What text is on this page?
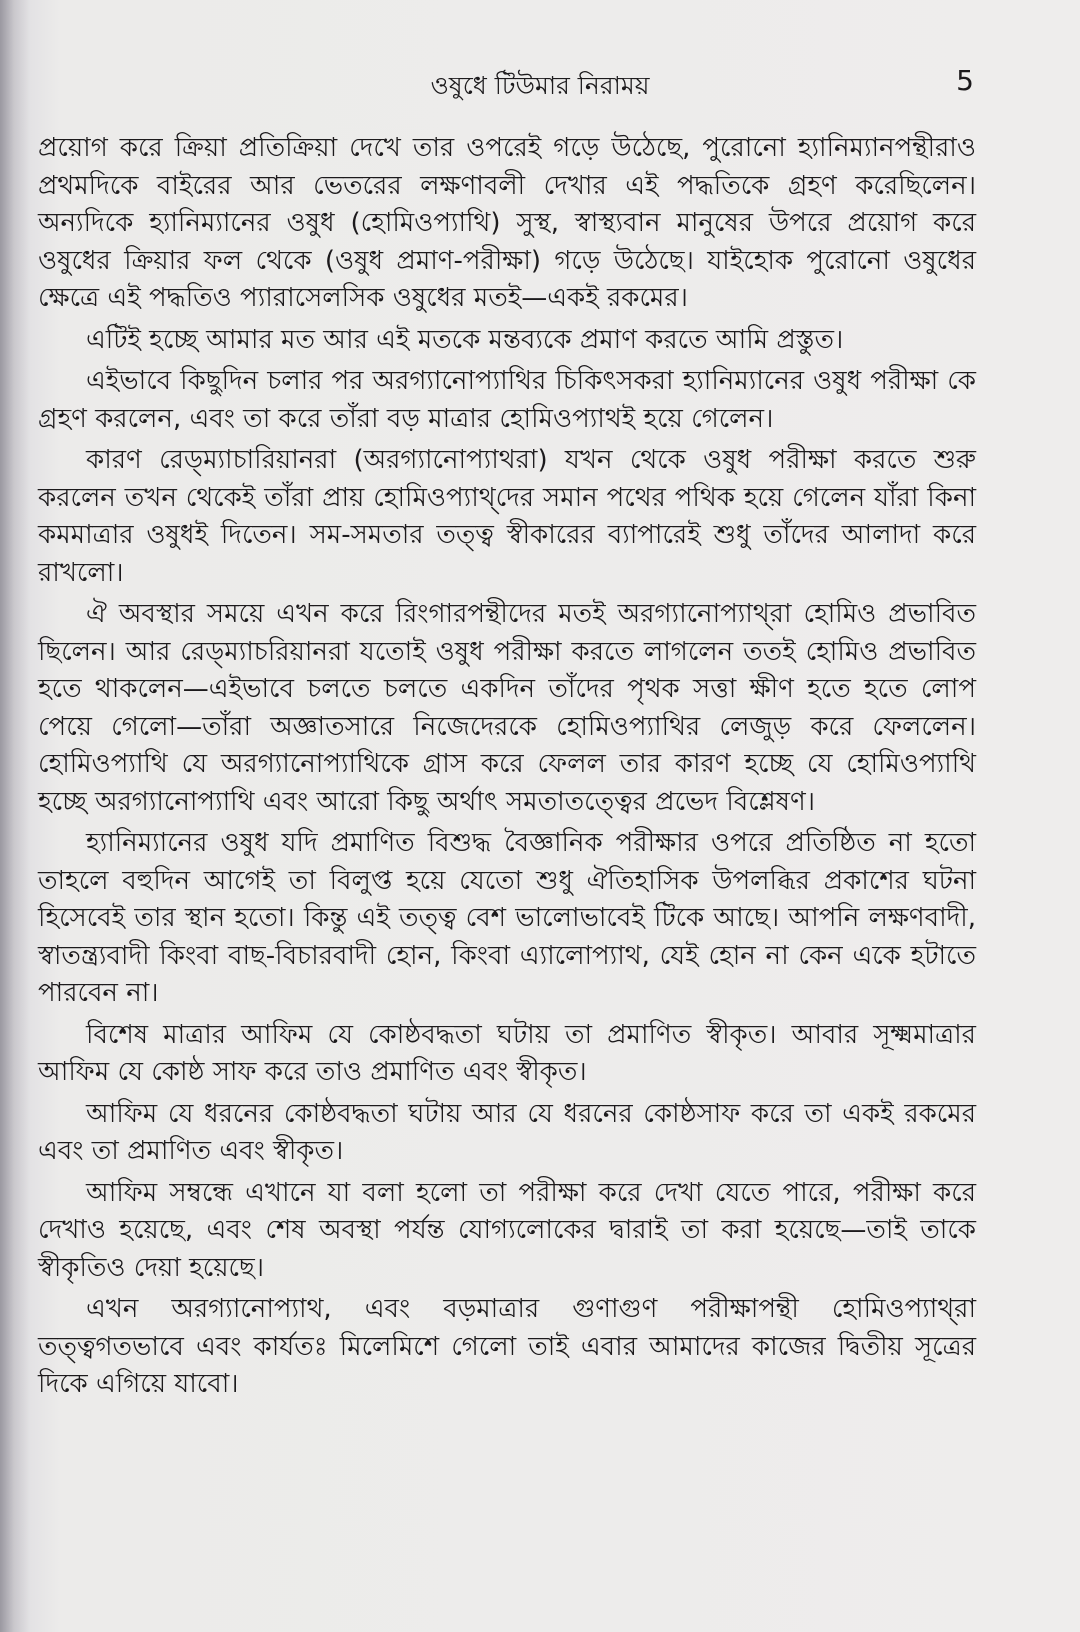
ওষুধে টিউমার নিরাময়	5

প্রয়োগ করে ক্রিয়া প্রতিক্রিয়া দেখে তার ওপরেই গড়ে উঠেছে, পুরোনো হ্যানিম্যানপন্থীরাও প্রথমদিকে বাইরের আর ভেতরের লক্ষণাবলী দেখার এই পদ্ধতিকে গ্রহণ করেছিলেন। অন্যদিকে হ্যানিম্যানের ওষুধ (হোমিওপ্যাথি) সুস্থ, স্বাস্থ্যবান মানুষের উপরে প্রয়োগ করে ওষুধের ক্রিয়ার ফল থেকে (ওষুধ প্রমাণ-পরীক্ষা) গড়ে উঠেছে। যাইহোক পুরোনো ওষুধের ক্ষেত্রে এই পদ্ধতিও প্যারাসেলসিক ওষুধের মতই—একই রকমের।

এটিই হচ্ছে আমার মত আর এই মতকে মন্তব্যকে প্রমাণ করতে আমি প্রস্তুত।

এইভাবে কিছুদিন চলার পর অরগ্যানোপ্যাথির চিকিৎসকরা হ্যানিম্যানের ওষুধ পরীক্ষা কে গ্রহণ করলেন, এবং তা করে তাঁরা বড় মাত্রার হোমিওপ্যাথই হয়ে গেলেন।

কারণ রেড্‌ম্যাচারিয়ানরা (অরগ্যানোপ্যাথরা) যখন থেকে ওষুধ পরীক্ষা করতে শুরু করলেন তখন থেকেই তাঁরা প্রায় হোমিওপ্যাথ্‌দের সমান পথের পথিক হয়ে গেলেন যাঁরা কিনা কমমাত্রার ওষুধই দিতেন। সম-সমতার তত্ত্ব স্বীকারের ব্যাপারেই শুধু তাঁদের আলাদা করে রাখলো।

ঐ অবস্থার সময়ে এখন করে রিংগারপন্থীদের মতই অরগ্যানোপ্যাথ্‌রা হোমিও প্রভাবিত ছিলেন। আর রেড্‌ম্যাচরিয়ানরা যতোই ওষুধ পরীক্ষা করতে লাগলেন ততই হোমিও প্রভাবিত হতে থাকলেন—এইভাবে চলতে চলতে একদিন তাঁদের পৃথক সত্তা ক্ষীণ হতে হতে লোপ পেয়ে গেলো—তাঁরা অজ্ঞাতসারে নিজেদেরকে হোমিওপ্যাথির লেজুড় করে ফেললেন। হোমিওপ্যাথি যে অরগ্যানোপ্যাথিকে গ্রাস করে ফেলল তার কারণ হচ্ছে যে হোমিওপ্যাথি হচ্ছে অরগ্যানোপ্যাথি এবং আরো কিছু অর্থাৎ সমতাতত্ত্বের প্রভেদ বিশ্লেষণ।

হ্যানিম্যানের ওষুধ যদি প্রমাণিত বিশুদ্ধ বৈজ্ঞানিক পরীক্ষার ওপরে প্রতিষ্ঠিত না হতো তাহলে বহুদিন আগেই তা বিলুপ্ত হয়ে যেতো শুধু ঐতিহাসিক উপলব্ধির প্রকাশের ঘটনা হিসেবেই তার স্থান হতো। কিন্তু এই তত্ত্ব বেশ ভালোভাবেই টিকে আছে। আপনি লক্ষণবাদী, স্বাতন্ত্র্যবাদী কিংবা বাছ-বিচারবাদী হোন, কিংবা এ্যালোপ্যাথ, যেই হোন না কেন একে হটাতে পারবেন না।

বিশেষ মাত্রার আফিম যে কোষ্ঠবদ্ধতা ঘটায় তা প্রমাণিত স্বীকৃত। আবার সূক্ষ্মমাত্রার আফিম যে কোষ্ঠ সাফ করে তাও প্রমাণিত এবং স্বীকৃত।

আফিম যে ধরনের কোষ্ঠবদ্ধতা ঘটায় আর যে ধরনের কোষ্ঠসাফ করে তা একই রকমের এবং তা প্রমাণিত এবং স্বীকৃত।

আফিম সম্বন্ধে এখানে যা বলা হলো তা পরীক্ষা করে দেখা যেতে পারে, পরীক্ষা করে দেখাও হয়েছে, এবং শেষ অবস্থা পর্যন্ত যোগ্যলোকের দ্বারাই তা করা হয়েছে—তাই তাকে স্বীকৃতিও দেয়া হয়েছে।

এখন অরগ্যানোপ্যাথ, এবং বড়মাত্রার গুণাগুণ পরীক্ষাপন্থী হোমিওপ্যাথ্‌রা তত্ত্বগতভাবে এবং কার্যতঃ মিলেমিশে গেলো তাই এবার আমাদের কাজের দ্বিতীয় সূত্রের দিকে এগিয়ে যাবো।
